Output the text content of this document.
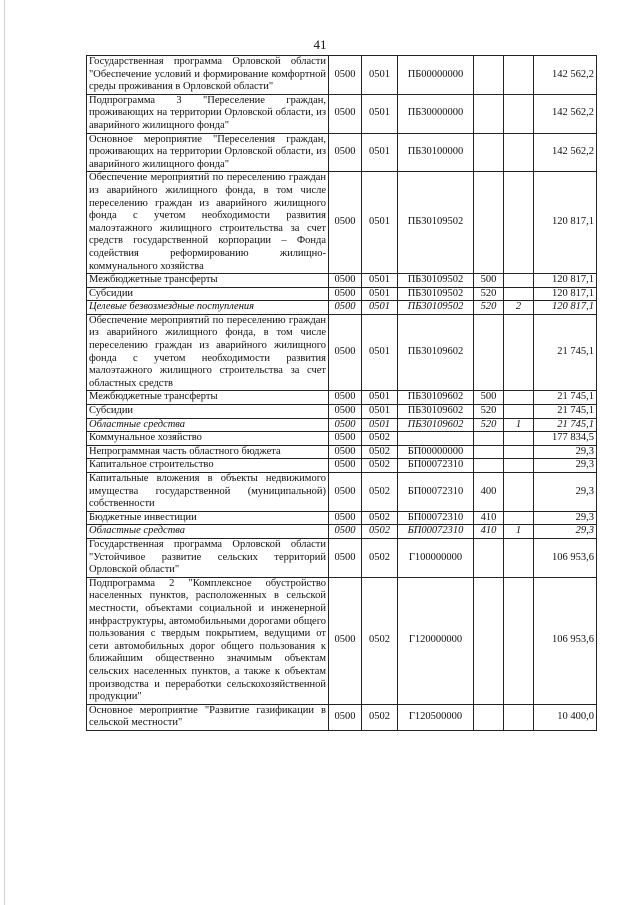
41
Государственная программа Орловской области "Обеспечение условий и формирование комфортной среды проживания в Орловской области"	0500	0501	ПБ00000000			142 562,2
Подпрограмма 3 "Переселение граждан, проживающих на территории Орловской области, из аварийного жилищного фонда"	0500	0501	ПБ30000000			142 562,2
Основное мероприятие "Переселения граждан, проживающих на территории Орловской области, из аварийного жилищного фонда"	0500	0501	ПБ30100000			142 562,2
Обеспечение мероприятий по переселению граждан из аварийного жилищного фонда, в том числе переселению граждан из аварийного жилищного фонда с учетом необходимости развития малоэтажного жилищного строительства за счет средств государственной корпорации – Фонда содействия реформированию жилищно-коммунального хозяйства	0500	0501	ПБ30109502			120 817,1
Межбюджетные трансферты	0500	0501	ПБ30109502	500		120 817,1
Субсидии	0500	0501	ПБ30109502	520		120 817,1
Целевые безвозмездные поступления	0500	0501	ПБ30109502	520	2	120 817,1
Обеспечение мероприятий по переселению граждан из аварийного жилищного фонда, в том числе переселению граждан из аварийного жилищного фонда с учетом необходимости развития малоэтажного жилищного строительства за счет областных средств	0500	0501	ПБ30109602			21 745,1
Межбюджетные трансферты	0500	0501	ПБ30109602	500		21 745,1
Субсидии	0500	0501	ПБ30109602	520		21 745,1
Областные средства	0500	0501	ПБ30109602	520	1	21 745,1
Коммунальное хозяйство	0500	0502				177 834,5
Непрограммная часть областного бюджета	0500	0502	БП00000000			29,3
Капитальное строительство	0500	0502	БП00072310			29,3
Капитальные вложения в объекты недвижимого имущества государственной (муниципальной) собственности	0500	0502	БП00072310	400		29,3
Бюджетные инвестиции	0500	0502	БП00072310	410		29,3
Областные средства	0500	0502	БП00072310	410	1	29,3
Государственная программа Орловской области "Устойчивое развитие сельских территорий Орловской области"	0500	0502	Г100000000			106 953,6
Подпрограмма 2 "Комплексное обустройство населенных пунктов, расположенных в сельской местности, объектами социальной и инженерной инфраструктуры, автомобильными дорогами общего пользования с твердым покрытием, ведущими от сети автомобильных дорог общего пользования к ближайшим общественно значимым объектам сельских населенных пунктов, а также к объектам производства и переработки сельскохозяйственной продукции"	0500	0502	Г120000000			106 953,6
Основное мероприятие "Развитие газификации в сельской местности"	0500	0502	Г120500000			10 400,0
